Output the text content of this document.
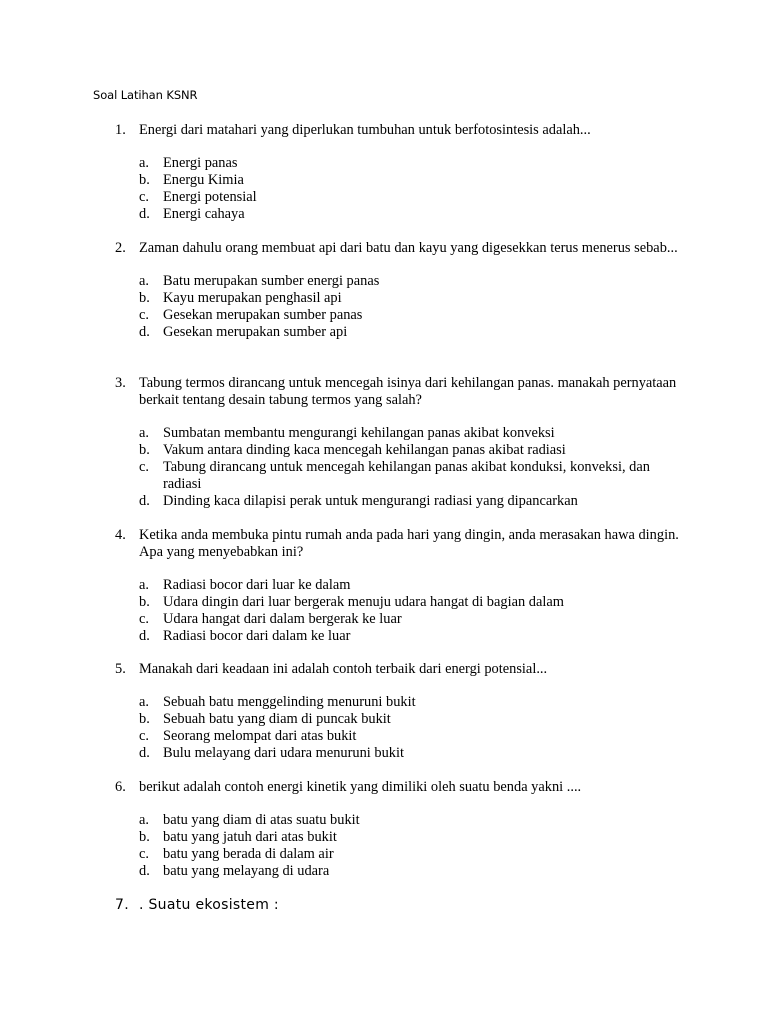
Soal Latihan KSNR
1. Energi dari matahari yang diperlukan tumbuhan untuk berfotosintesis adalah...
a. Energi panas
b. Energu Kimia
c. Energi potensial
d. Energi cahaya
2. Zaman dahulu orang membuat api dari batu dan kayu yang digesekkan terus menerus sebab...
a. Batu merupakan sumber energi panas
b. Kayu merupakan penghasil api
c. Gesekan merupakan sumber panas
d. Gesekan merupakan sumber api
3. Tabung termos dirancang untuk mencegah isinya dari kehilangan panas. manakah pernyataan berkait tentang desain tabung termos yang salah?
a. Sumbatan membantu mengurangi kehilangan panas akibat konveksi
b. Vakum antara dinding kaca mencegah kehilangan panas akibat radiasi
c. Tabung dirancang untuk mencegah kehilangan panas akibat konduksi, konveksi, dan radiasi
d. Dinding kaca dilapisi perak untuk mengurangi radiasi yang dipancarkan
4. Ketika anda membuka pintu rumah anda pada hari yang dingin, anda merasakan hawa dingin. Apa yang menyebabkan ini?
a. Radiasi bocor dari luar ke dalam
b. Udara dingin dari luar bergerak menuju udara hangat di bagian dalam
c. Udara hangat dari dalam bergerak ke luar
d. Radiasi bocor dari dalam ke luar
5. Manakah dari keadaan ini adalah contoh terbaik dari energi potensial...
a. Sebuah batu menggelinding menuruni bukit
b. Sebuah batu yang diam di puncak bukit
c. Seorang melompat dari atas bukit
d. Bulu melayang dari udara menuruni bukit
6. berikut adalah contoh energi kinetik yang dimiliki oleh suatu benda yakni ....
a. batu yang diam di atas suatu bukit
b. batu yang jatuh dari atas bukit
c. batu yang berada di dalam air
d. batu yang melayang di udara
7. . Suatu ekosistem :
